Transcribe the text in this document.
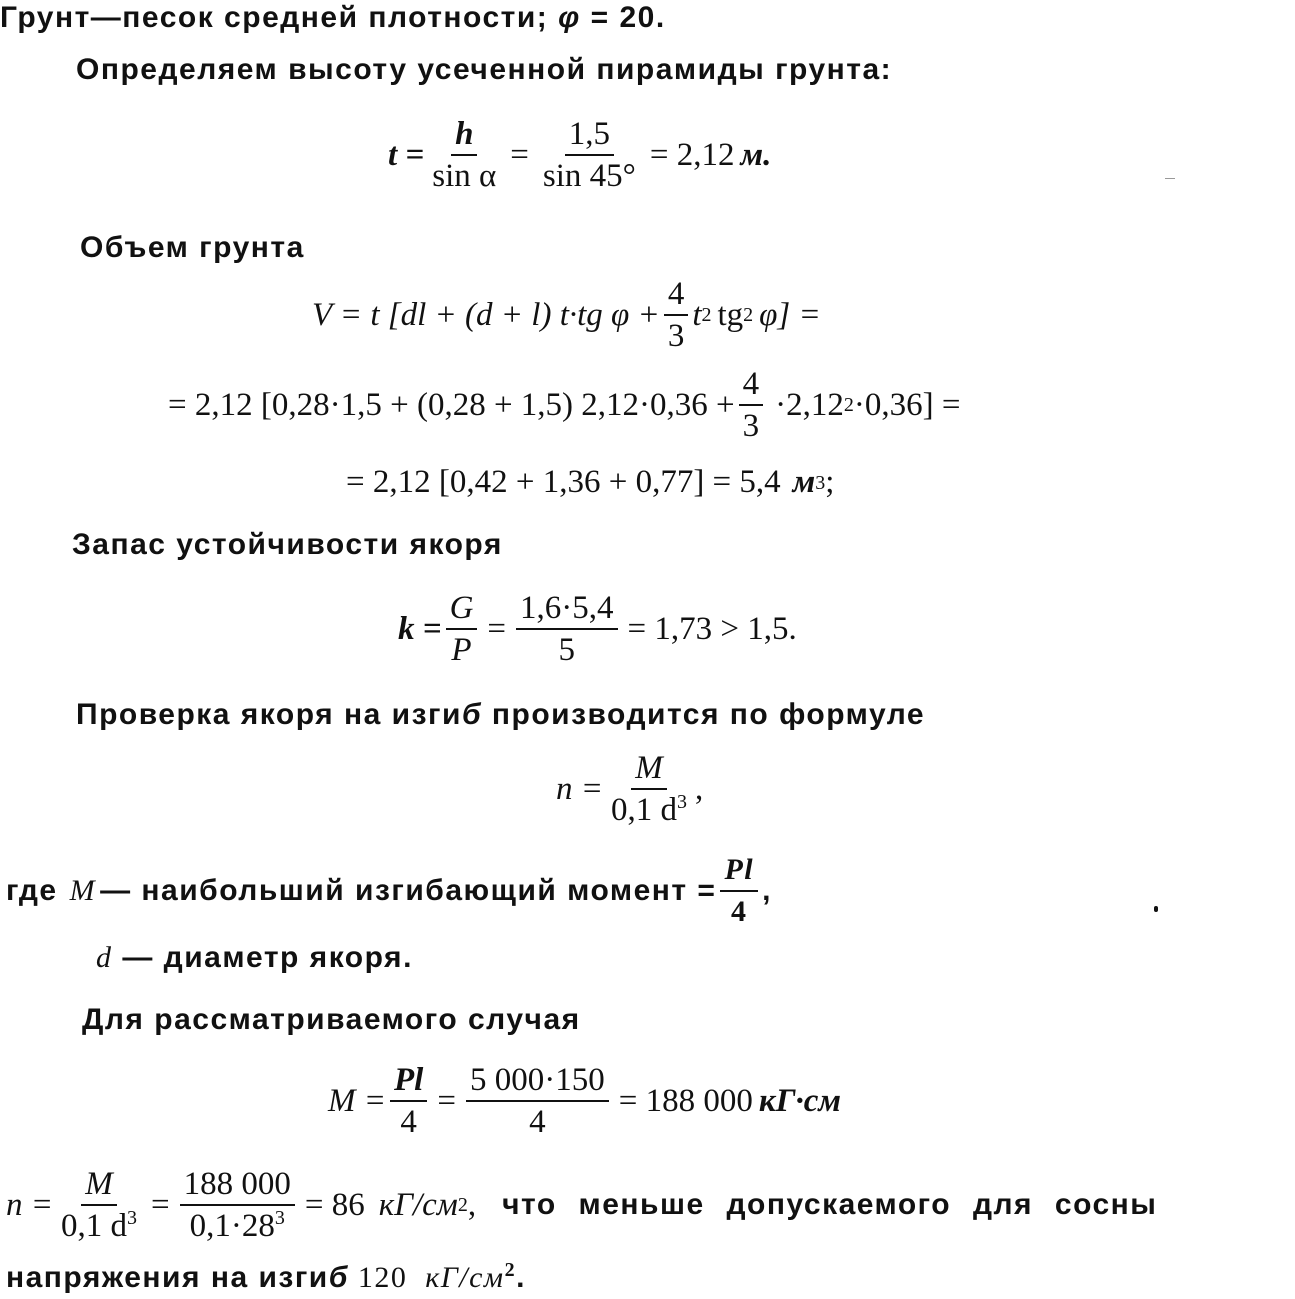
Грунт—песок средней плотности; φ = 20.
Определяем высоту усеченной пирамиды грунта:
$t = \frac{h}{\text{sin α}} = \frac{1,5}{\sin 45^\circ} = 2,12$ м.
Объем грунта
V = t [dl + (d + l) t·tg $\varphi + \frac{4}{3}$ t 2 tg 2 φ] =
= 2,12 [0,28·1,5 + (0,28 + 1,5) $2,12\cdot 0,36 + \frac{4}{3} \cdot 2,12$ 2 ·0,36] =
= 2,12 [0,42 + 1,36 + 0,77] = 5,4 м 3 ;
Запас устойчивости якоря
$k = \frac{G}{P} = \frac{1,6\cdot 5,4}{5} = 1,73 > 1,5$.
Проверка якоря на изгиб производится по формуле
$n = \frac{M}{0,1 d^3}$ ,
где M — наибольший изгибающий момент = $\frac{Pl}{4}$ ,
d — диаметр якоря.
Для рассматриваемого случая
$M = \frac{Pl}{4} = \frac{5 000\cdot 150}{4} = 188$ 000 кГ·см
$n = \frac{M}{0,1 d^3} = \frac{188 000}{0,1\cdot 28^3} = 86$ кГ/см 2 , что меньше допускаемого для сосны
напряжения на изгиб 120 $кГ/см^2$.
